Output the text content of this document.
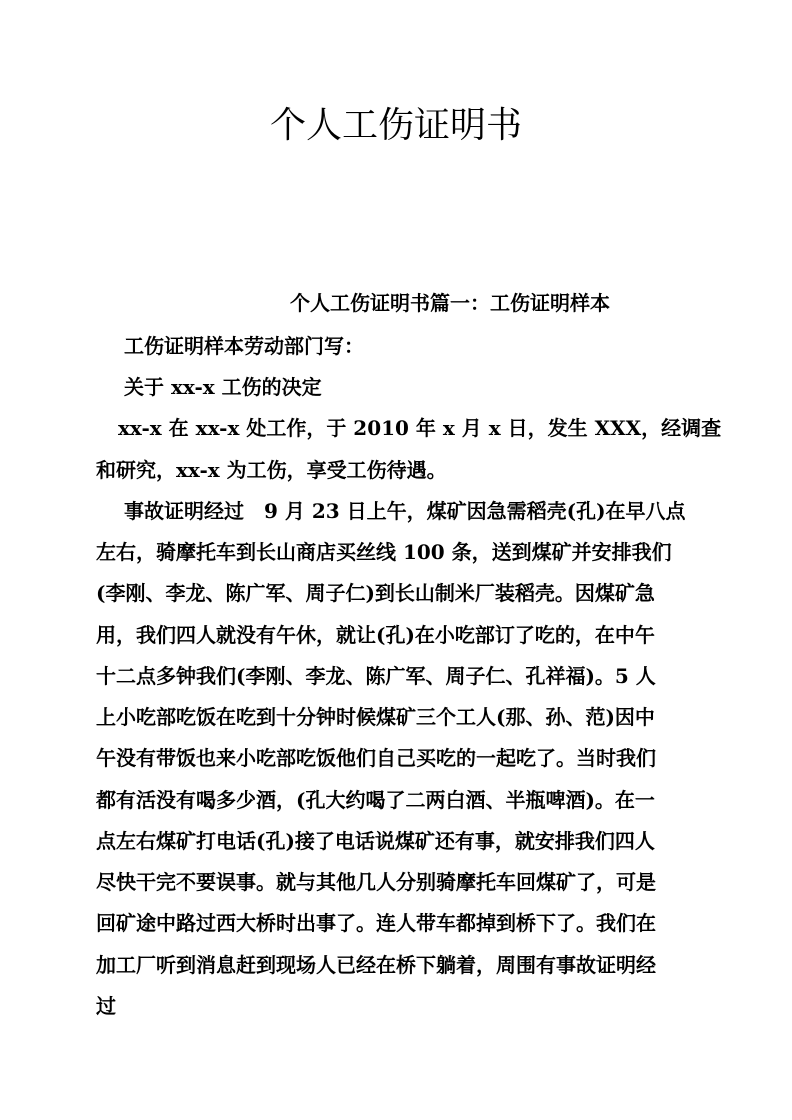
个人工伤证明书
个人工伤证明书篇一：工伤证明样本
工伤证明样本劳动部门写：
关于 xx-x 工伤的决定
xx-x 在 xx-x 处工作，于 2010 年 x 月 x 日，发生 XXX，经调查
和研究，xx-x 为工伤，享受工伤待遇。
事故证明经过　9 月 23 日上午，煤矿因急需稻壳(孔)在早八点
左右，骑摩托车到长山商店买丝线 100 条，送到煤矿并安排我们
(李刚、李龙、陈广军、周子仁)到长山制米厂装稻壳。因煤矿急
用，我们四人就没有午休，就让(孔)在小吃部订了吃的，在中午
十二点多钟我们(李刚、李龙、陈广军、周子仁、孔祥福)。5 人
上小吃部吃饭在吃到十分钟时候煤矿三个工人(那、孙、范)因中
午没有带饭也来小吃部吃饭他们自己买吃的一起吃了。当时我们
都有活没有喝多少酒，(孔大约喝了二两白酒、半瓶啤酒)。在一
点左右煤矿打电话(孔)接了电话说煤矿还有事，就安排我们四人
尽快干完不要误事。就与其他几人分别骑摩托车回煤矿了，可是
回矿途中路过西大桥时出事了。连人带车都掉到桥下了。我们在
加工厂听到消息赶到现场人已经在桥下躺着，周围有事故证明经
过
